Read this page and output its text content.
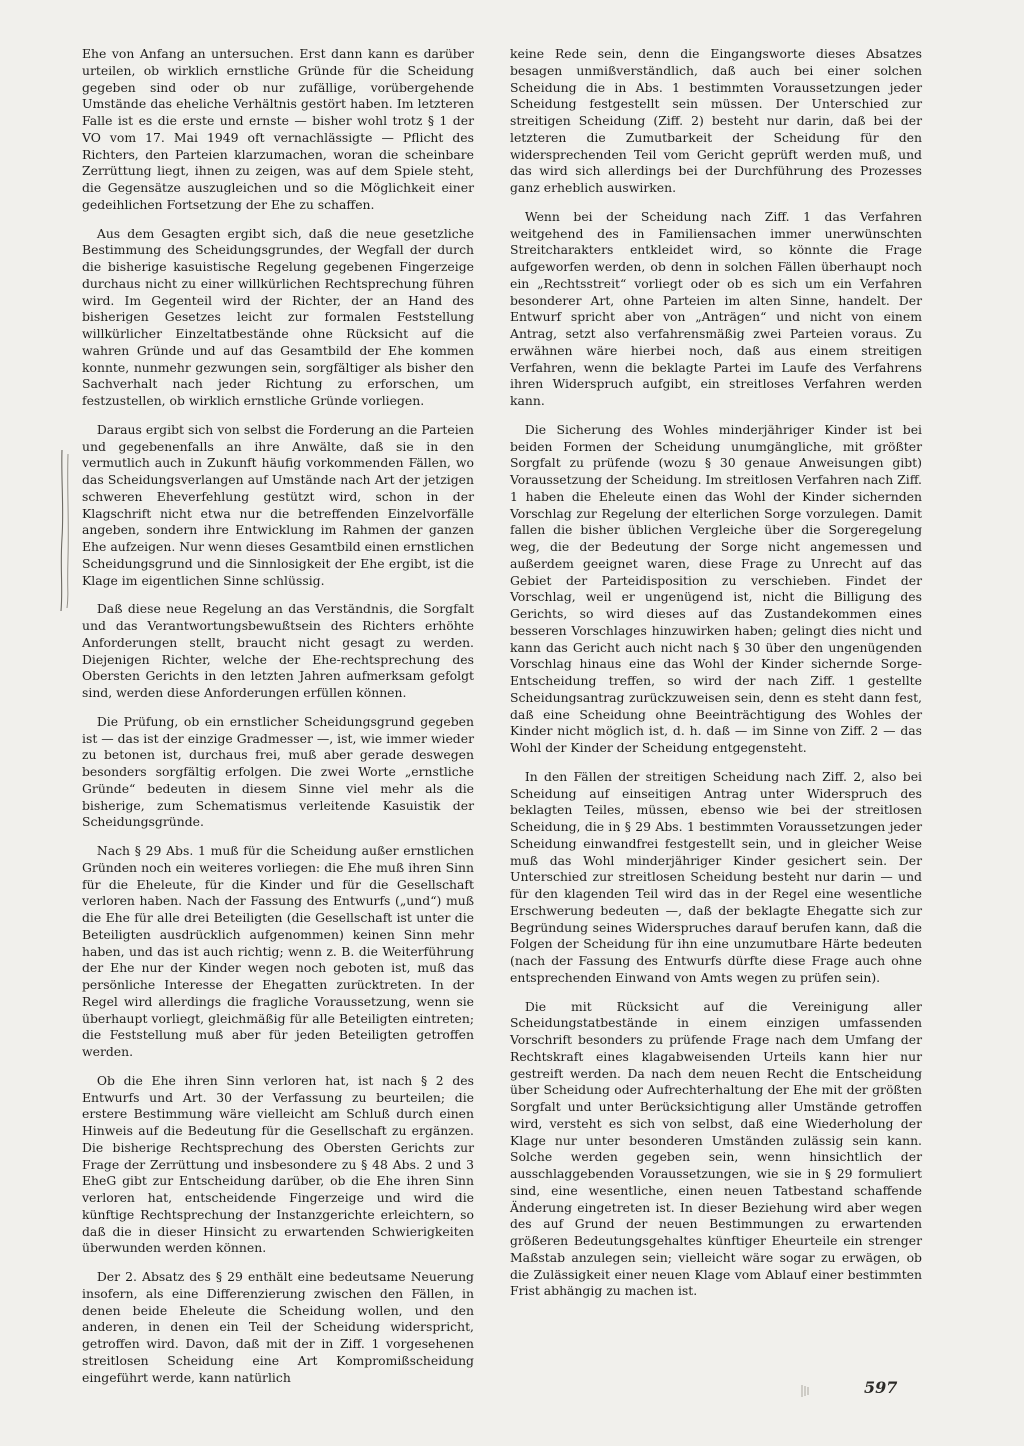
Ehe von Anfang an untersuchen. Erst dann kann es darüber urteilen, ob wirklich ernstliche Gründe für die Scheidung gegeben sind oder ob nur zufällige, vorübergehende Umstände das eheliche Verhältnis gestört haben. Im letzteren Falle ist es die erste und ernste — bisher wohl trotz § 1 der VO vom 17. Mai 1949 oft vernachlässigte — Pflicht des Richters, den Parteien klarzumachen, woran die scheinbare Zerrüttung liegt, ihnen zu zeigen, was auf dem Spiele steht, die Gegensätze auszugleichen und so die Möglichkeit einer gedeihlichen Fortsetzung der Ehe zu schaffen.

Aus dem Gesagten ergibt sich, daß die neue gesetzliche Bestimmung des Scheidungsgrundes, der Wegfall der durch die bisherige kasuistische Regelung gegebenen Fingerzeige durchaus nicht zu einer willkürlichen Rechtsprechung führen wird. Im Gegenteil wird der Richter, der an Hand des bisherigen Gesetzes leicht zur formalen Feststellung willkürlicher Einzeltatbestände ohne Rücksicht auf die wahren Gründe und auf das Gesamtbild der Ehe kommen konnte, nunmehr gezwungen sein, sorgfältiger als bisher den Sachverhalt nach jeder Richtung zu erforschen, um festzustellen, ob wirklich ernstliche Gründe vorliegen.

Daraus ergibt sich von selbst die Forderung an die Parteien und gegebenenfalls an ihre Anwälte, daß sie in den vermutlich auch in Zukunft häufig vorkommenden Fällen, wo das Scheidungsverlangen auf Umstände nach Art der jetzigen schweren Eheverfehlung gestützt wird, schon in der Klagschrift nicht etwa nur die betreffenden Einzelvorfälle angeben, sondern ihre Entwicklung im Rahmen der ganzen Ehe aufzeigen. Nur wenn dieses Gesamtbild einen ernstlichen Scheidungsgrund und die Sinnlosigkeit der Ehe ergibt, ist die Klage im eigentlichen Sinne schlüssig.

Daß diese neue Regelung an das Verständnis, die Sorgfalt und das Verantwortungsbewußtsein des Richters erhöhte Anforderungen stellt, braucht nicht gesagt zu werden. Diejenigen Richter, welche der Ehe-rechtsprechung des Obersten Gerichts in den letzten Jahren aufmerksam gefolgt sind, werden diese Anforderungen erfüllen können.

Die Prüfung, ob ein ernstlicher Scheidungsgrund gegeben ist — das ist der einzige Gradmesser —, ist, wie immer wieder zu betonen ist, durchaus frei, muß aber gerade deswegen besonders sorgfältig erfolgen. Die zwei Worte „ernstliche Gründe“ bedeuten in diesem Sinne viel mehr als die bisherige, zum Schematismus verleitende Kasuistik der Scheidungsgründe.

Nach § 29 Abs. 1 muß für die Scheidung außer ernstlichen Gründen noch ein weiteres vorliegen: die Ehe muß ihren Sinn für die Eheleute, für die Kinder und für die Gesellschaft verloren haben. Nach der Fassung des Entwurfs („und“) muß die Ehe für alle drei Beteiligten (die Gesellschaft ist unter die Beteiligten ausdrücklich aufgenommen) keinen Sinn mehr haben, und das ist auch richtig; wenn z. B. die Weiterführung der Ehe nur der Kinder wegen noch geboten ist, muß das persönliche Interesse der Ehegatten zurücktreten. In der Regel wird allerdings die fragliche Voraussetzung, wenn sie überhaupt vorliegt, gleichmäßig für alle Beteiligten eintreten; die Feststellung muß aber für jeden Beteiligten getroffen werden.

Ob die Ehe ihren Sinn verloren hat, ist nach § 2 des Entwurfs und Art. 30 der Verfassung zu beurteilen; die erstere Bestimmung wäre vielleicht am Schluß durch einen Hinweis auf die Bedeutung für die Gesellschaft zu ergänzen. Die bisherige Rechtsprechung des Obersten Gerichts zur Frage der Zerrüttung und insbesondere zu § 48 Abs. 2 und 3 EheG gibt zur Entscheidung darüber, ob die Ehe ihren Sinn verloren hat, entscheidende Fingerzeige und wird die künftige Rechtsprechung der Instanzgerichte erleichtern, so daß die in dieser Hinsicht zu erwartenden Schwierigkeiten überwunden werden können.

Der 2. Absatz des § 29 enthält eine bedeutsame Neuerung insofern, als eine Differenzierung zwischen den Fällen, in denen beide Eheleute die Scheidung wollen, und den anderen, in denen ein Teil der Scheidung widerspricht, getroffen wird. Davon, daß mit der in Ziff. 1 vorgesehenen streitlosen Scheidung eine Art Kompromißscheidung eingeführt werde, kann natürlich

keine Rede sein, denn die Eingangsworte dieses Absatzes besagen unmißverständlich, daß auch bei einer solchen Scheidung die in Abs. 1 bestimmten Voraussetzungen jeder Scheidung festgestellt sein müssen. Der Unterschied zur streitigen Scheidung (Ziff. 2) besteht nur darin, daß bei der letzteren die Zumutbarkeit der Scheidung für den widersprechenden Teil vom Gericht geprüft werden muß, und das wird sich allerdings bei der Durchführung des Prozesses ganz erheblich auswirken.

Wenn bei der Scheidung nach Ziff. 1 das Verfahren weitgehend des in Familiensachen immer unerwünschten Streitcharakters entkleidet wird, so könnte die Frage aufgeworfen werden, ob denn in solchen Fällen überhaupt noch ein „Rechtsstreit“ vorliegt oder ob es sich um ein Verfahren besonderer Art, ohne Parteien im alten Sinne, handelt. Der Entwurf spricht aber von „Anträgen“ und nicht von einem Antrag, setzt also verfahrensmäßig zwei Parteien voraus. Zu erwähnen wäre hierbei noch, daß aus einem streitigen Verfahren, wenn die beklagte Partei im Laufe des Verfahrens ihren Widerspruch aufgibt, ein streitloses Verfahren werden kann.

Die Sicherung des Wohles minderjähriger Kinder ist bei beiden Formen der Scheidung unumgängliche, mit größter Sorgfalt zu prüfende (wozu § 30 genaue Anweisungen gibt) Voraussetzung der Scheidung. Im streitlosen Verfahren nach Ziff. 1 haben die Eheleute einen das Wohl der Kinder sichernden Vorschlag zur Regelung der elterlichen Sorge vorzulegen. Damit fallen die bisher üblichen Vergleiche über die Sorgeregelung weg, die der Bedeutung der Sorge nicht angemessen und außerdem geeignet waren, diese Frage zu Unrecht auf das Gebiet der Parteidisposition zu verschieben. Findet der Vorschlag, weil er ungenügend ist, nicht die Billigung des Gerichts, so wird dieses auf das Zustandekommen eines besseren Vorschlages hinzuwirken haben; gelingt dies nicht und kann das Gericht auch nicht nach § 30 über den ungenügenden Vorschlag hinaus eine das Wohl der Kinder sichernde Sorge-Entscheidung treffen, so wird der nach Ziff. 1 gestellte Scheidungsantrag zurückzuweisen sein, denn es steht dann fest, daß eine Scheidung ohne Beeinträchtigung des Wohles der Kinder nicht möglich ist, d. h. daß — im Sinne von Ziff. 2 — das Wohl der Kinder der Scheidung entgegensteht.

In den Fällen der streitigen Scheidung nach Ziff. 2, also bei Scheidung auf einseitigen Antrag unter Widerspruch des beklagten Teiles, müssen, ebenso wie bei der streitlosen Scheidung, die in § 29 Abs. 1 bestimmten Voraussetzungen jeder Scheidung einwandfrei festgestellt sein, und in gleicher Weise muß das Wohl minderjähriger Kinder gesichert sein. Der Unterschied zur streitlosen Scheidung besteht nur darin — und für den klagenden Teil wird das in der Regel eine wesentliche Erschwerung bedeuten —, daß der beklagte Ehegatte sich zur Begründung seines Widerspruches darauf berufen kann, daß die Folgen der Scheidung für ihn eine unzumutbare Härte bedeuten (nach der Fassung des Entwurfs dürfte diese Frage auch ohne entsprechenden Einwand von Amts wegen zu prüfen sein).

Die mit Rücksicht auf die Vereinigung aller Scheidungstatbestände in einem einzigen umfassenden Vorschrift besonders zu prüfende Frage nach dem Umfang der Rechtskraft eines klagabweisenden Urteils kann hier nur gestreift werden. Da nach dem neuen Recht die Entscheidung über Scheidung oder Aufrechterhaltung der Ehe mit der größten Sorgfalt und unter Berücksichtigung aller Umstände getroffen wird, versteht es sich von selbst, daß eine Wiederholung der Klage nur unter besonderen Umständen zulässig sein kann. Solche werden gegeben sein, wenn hinsichtlich der ausschlaggebenden Voraussetzungen, wie sie in § 29 formuliert sind, eine wesentliche, einen neuen Tatbestand schaffende Änderung eingetreten ist. In dieser Beziehung wird aber wegen des auf Grund der neuen Bestimmungen zu erwartenden größeren Bedeutungsgehaltes künftiger Eheurteile ein strenger Maßstab anzulegen sein; vielleicht wäre sogar zu erwägen, ob die Zulässigkeit einer neuen Klage vom Ablauf einer bestimmten Frist abhängig zu machen ist.

597
